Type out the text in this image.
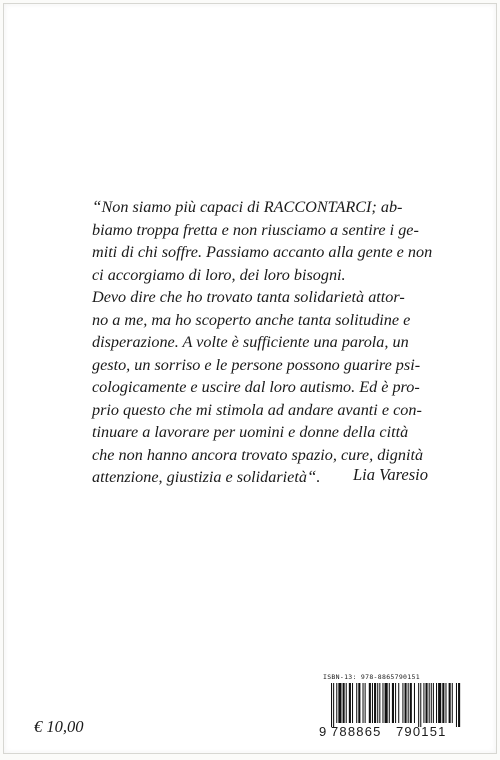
“Non siamo più capaci di RACCONTARCI; ab-
biamo troppa fretta e non riusciamo a sentire i ge-
miti di chi soffre. Passiamo accanto alla gente e non
ci accorgiamo di loro, dei loro bisogni.
Devo dire che ho trovato tanta solidarietà attor-
no a me, ma ho scoperto anche tanta solitudine e
disperazione. A volte è sufficiente una parola, un
gesto, un sorriso e le persone possono guarire psi-
cologicamente e uscire dal loro autismo. Ed è pro-
prio questo che mi stimola ad andare avanti e con-
tinuare a lavorare per uomini e donne della città
che non hanno ancora trovato spazio, cure, dignità
attenzione, giustizia e solidarietà“.	Lia Varesio
ISBN-13: 978-8865790151
9 788865	790151
€ 10,00
